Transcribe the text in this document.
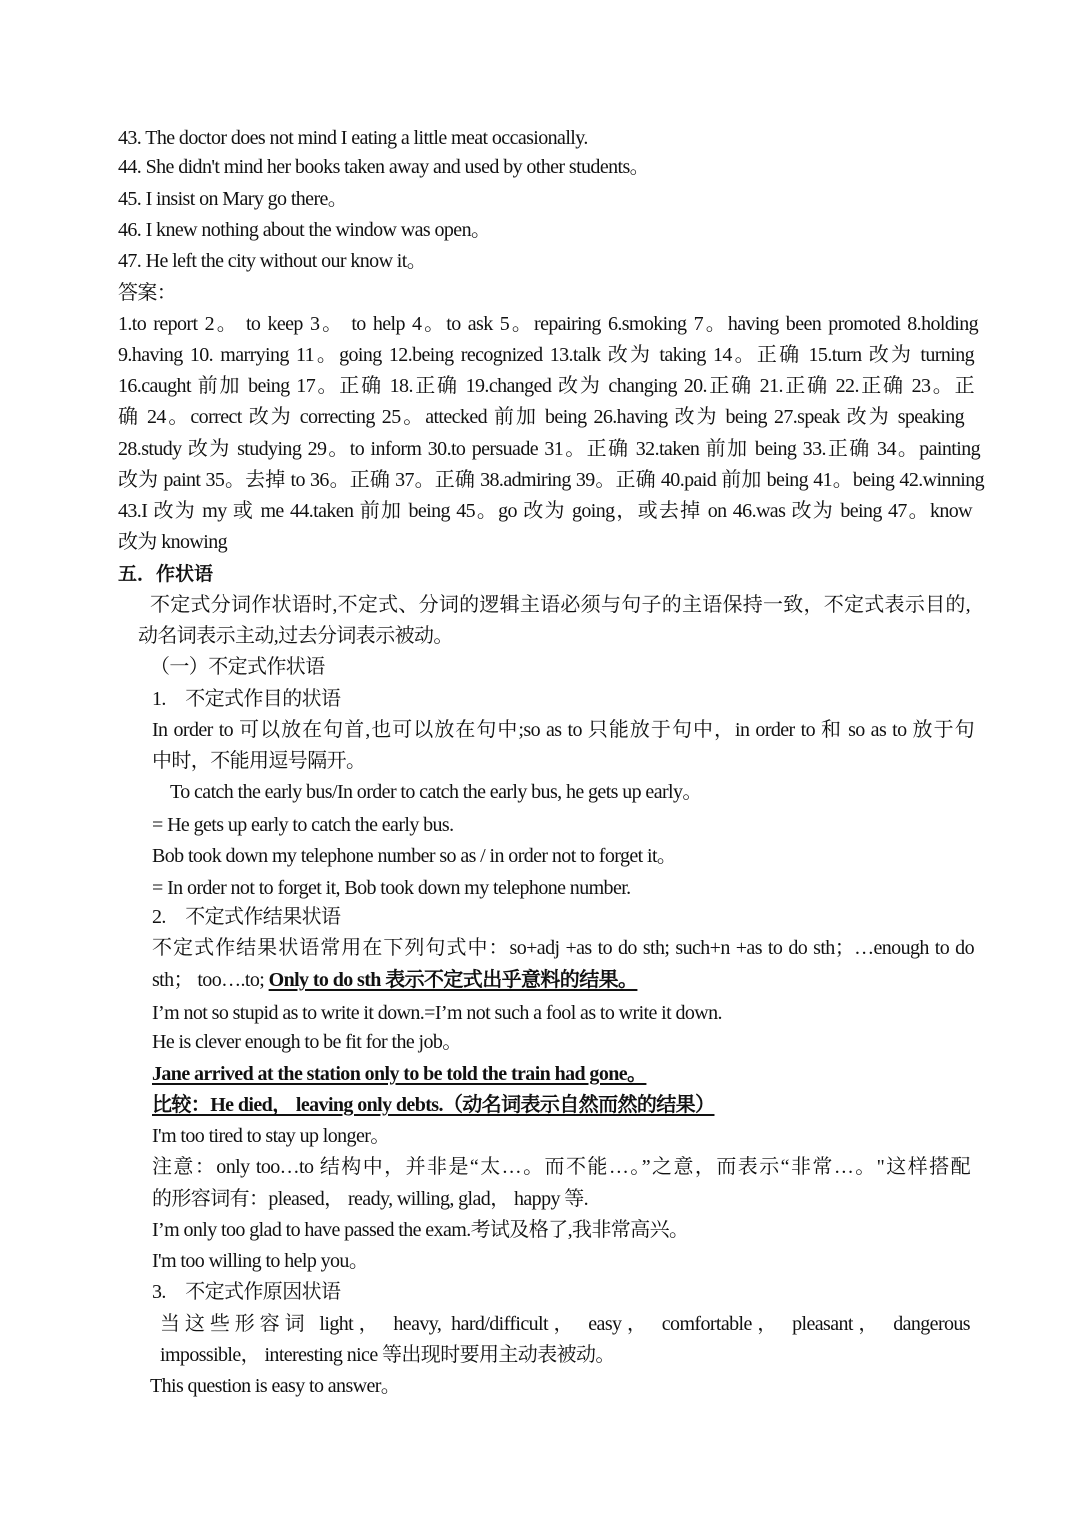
43. The doctor does not mind I eating a little meat occasionally.
44. She didn't mind her books taken away and used by other students。
45. I insist on Mary go there。
46. I knew nothing about the window was open。
47. He left the city without our know it。
答案：
1.to report 2。 to keep 3。 to help 4。to ask 5。repairing 6.smoking 7。having been promoted 8.holding
9.having 10. marrying 11。going 12.being recognized 13.talk 改为 taking 14。正确 15.turn 改为 turning
16.caught 前加 being 17。正确 18.正确 19.changed 改为 changing 20.正确 21.正确 22.正确 23。正
确 24。correct 改为 correcting 25。attecked 前加 being 26.having 改为 being 27.speak 改为 speaking
28.study 改为 studying 29。to inform 30.to persuade 31。正确 32.taken 前加 being 33.正确 34。painting
改为 paint 35。去掉 to 36。正确 37。正确 38.admiring 39。正确 40.paid 前加 being 41。being 42.winning
43.I 改为 my 或 me 44.taken 前加 being 45。go 改为 going，或去掉 on 46.was 改为 being 47。know
改为 knowing
五．作状语
不定式分词作状语时,不定式、分词的逻辑主语必须与句子的主语保持一致，不定式表示目的,
动名词表示主动,过去分词表示被动。
（一）不定式作状语
1.　不定式作目的状语
In order to 可以放在句首,也可以放在句中;so as to 只能放于句中，in order to 和 so as to 放于句
中时，不能用逗号隔开。
To catch the early bus/In order to catch the early bus, he gets up early。
= He gets up early to catch the early bus.
Bob took down my telephone number so as / in order not to forget it。
= In order not to forget it, Bob took down my telephone number.
2.　不定式作结果状语
不定式作结果状语常用在下列句式中：so+adj +as to do sth; such+n +as to do sth；…enough to do
sth； too….to; Only to do sth 表示不定式出乎意料的结果。
I’m not so stupid as to write it down.=I’m not such a fool as to write it down.
He is clever enough to be fit for the job。
Jane arrived at the station only to be told the train had gone。
比较：He died， leaving only debts.（动名词表示自然而然的结果）
I'm too tired to stay up longer。
注意：only too…to 结构中，并非是“太…。而不能…。”之意，而表示“非常…。"这样搭配
的形容词有：pleased， ready, willing, glad， happy 等.
I’m only too glad to have passed the exam.考试及格了,我非常高兴。
I'm too willing to help you。
3.　不定式作原因状语
当这些形容词 light， heavy, hard/difficult， easy， comfortable， pleasant， dangerous
impossible， interesting nice 等出现时要用主动表被动。
This question is easy to answer。
